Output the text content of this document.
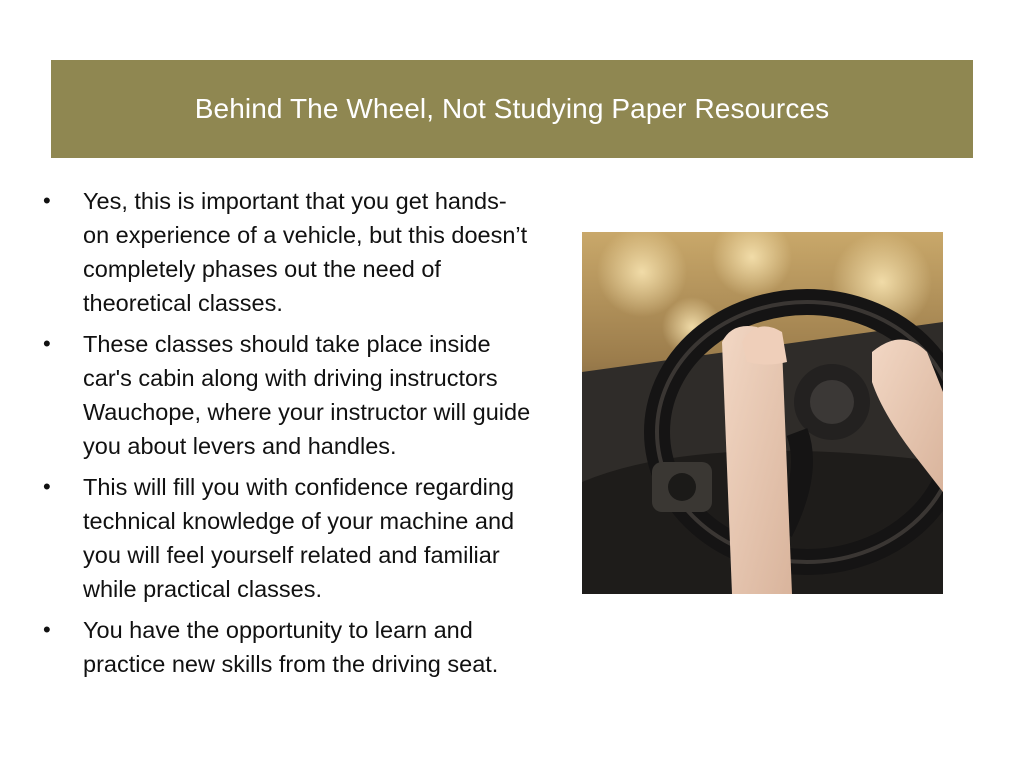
Behind The Wheel, Not Studying Paper Resources
• Yes, this is important that you get hands-on experience of a vehicle, but this doesn’t completely phases out the need of theoretical classes.
• These classes should take place inside car's cabin along with driving instructors Wauchope, where your instructor will guide you about levers and handles.
• This will fill you with confidence regarding technical knowledge of your machine and you will feel yourself related and familiar while practical classes.
• You have the opportunity to learn and practice new skills from the driving seat.
